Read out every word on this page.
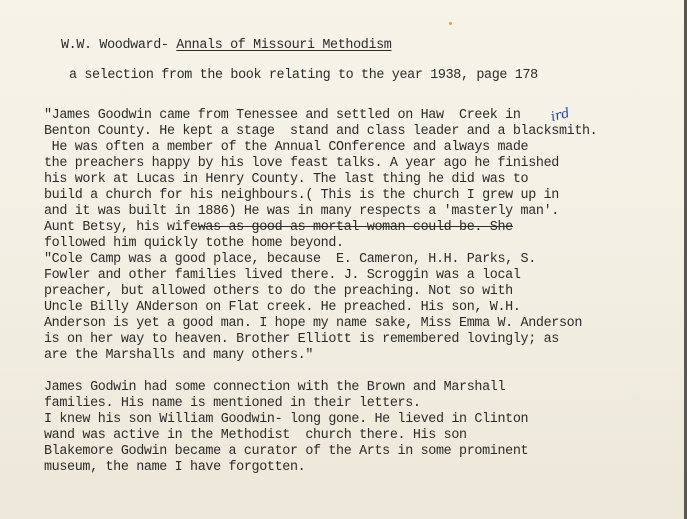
W.W. Woodward- Annals of Missouri Methodism
a selection from the book relating to the year 1938, page 178
"James Goodwin came from Tenessee and settled on Haw  Creek in
Benton County. He kept a stage  stand and class leader and a blacksmith.
He was often a member of the Annual COnference and always made
the preachers happy by his love feast talks. A year ago he finished
his work at Lucas in Henry County. The last thing he did was to
build a church for his neighbours.( This is the church I grew up in
and it was built in 1886) He was in many respects a 'masterly man'.
Aunt Betsy, his wifewas as good as mortal woman could be. She
followed him quickly tothe home beyond.
ird
"Cole Camp was a good place, because  E. Cameron, H.H. Parks, S.
Fowler and other families lived there. J. Scroggin was a local
preacher, but allowed others to do the preaching. Not so with
Uncle Billy ANderson on Flat creek. He preached. His son, W.H.
Anderson is yet a good man. I hope my name sake, Miss Emma W. Anderson
is on her way to heaven. Brother Elliott is remembered lovingly; as
are the Marshalls and many others."
James Godwin had some connection with the Brown and Marshall
families. His name is mentioned in their letters.
I knew his son William Goodwin- long gone. He lieved in Clinton
wand was active in the Methodist  church there. His son
Blakemore Godwin became a curator of the Arts in some prominent
museum, the name I have forgotten.
